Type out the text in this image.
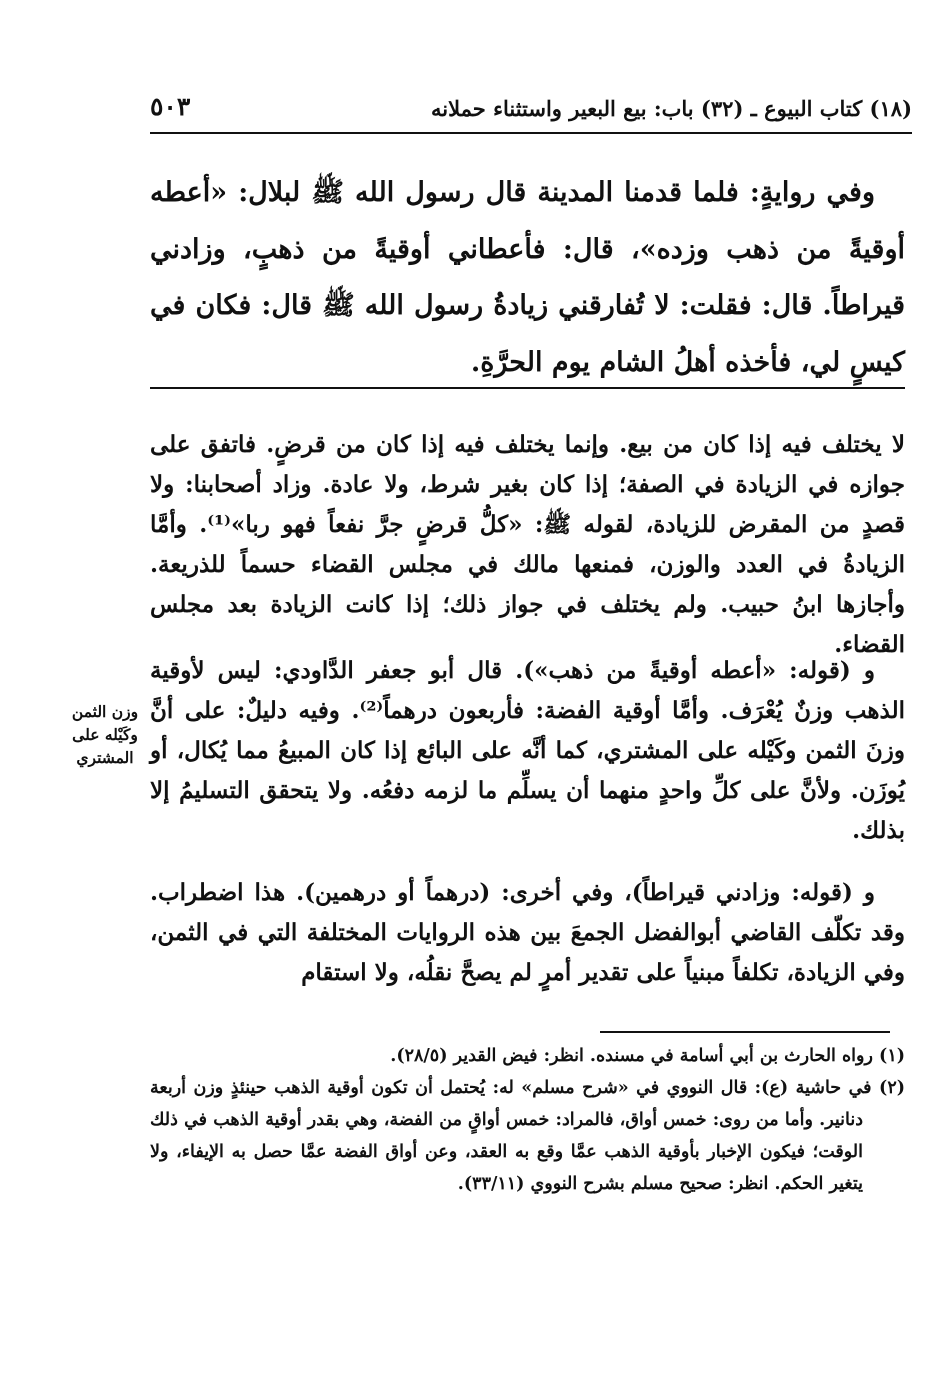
(١٨) كتاب البيوع ـ (٣٢) باب: بيع البعير واستثناء حملانه
٥٠٣

وفي روايةٍ: فلما قدمنا المدينة قال رسول الله ﷺ لبلال: «أعطه أوقيةً من ذهب وزده»، قال: فأعطاني أوقيةً من ذهبٍ، وزادني قيراطاً. قال: فقلت: لا تُفارقني زيادةُ رسول الله ﷺ قال: فكان في كيسٍ لي، فأخذه أهلُ الشام يوم الحرَّةِ.

لا يختلف فيه إذا كان من بيع. وإنما يختلف فيه إذا كان من قرضٍ. فاتفق على جوازه في الزيادة في الصفة؛ إذا كان بغير شرط، ولا عادة. وزاد أصحابنا: ولا قصدٍ من المقرض للزيادة، لقوله ﷺ: «كلُّ قرضٍ جرَّ نفعاً فهو ربا»⁽¹⁾. وأمَّا الزيادةُ في العدد والوزن، فمنعها مالك في مجلس القضاء حسماً للذريعة. وأجازها ابنُ حبيب. ولم يختلف في جواز ذلك؛ إذا كانت الزيادة بعد مجلس القضاء.

و (قوله: «أعطه أوقيةً من ذهب»). قال أبو جعفر الدَّاودي: ليس لأوقية الذهب وزنٌ يُعْرَف. وأمَّا أوقية الفضة: فأربعون درهماً⁽²⁾. وفيه دليلٌ: على أنَّ وزنَ الثمن وكَيْله على المشتري، كما أنَّه على البائع إذا كان المبيعُ مما يُكال، أو يُوزَن. ولأنَّ على كلِّ واحدٍ منهما أن يسلِّم ما لزمه دفعُه. ولا يتحقق التسليمُ إلا بذلك.

و (قوله: وزادني قيراطاً)، وفي أخرى: (درهماً أو درهمين). هذا اضطراب. وقد تكلّف القاضي أبوالفضل الجمعَ بين هذه الروايات المختلفة التي في الثمن، وفي الزيادة، تكلفاً مبنياً على تقدير أمرٍ لم يصحَّ نقلُه، ولا استقام

وزن الثمن وكَيْله على المشتري

(١) رواه الحارث بن أبي أسامة في مسنده. انظر: فيض القدير (٢٨/٥).

(٢) في حاشية (ع): قال النووي في «شرح مسلم» له: يُحتمل أن تكون أوقية الذهب حينئذٍ وزن أربعة دنانير. وأما من روى: خمس أواق، فالمراد: خمس أواقٍ من الفضة، وهي بقدر أوقية الذهب في ذلك الوقت؛ فيكون الإخبار بأوقية الذهب عمَّا وقع به العقد، وعن أواق الفضة عمَّا حصل به الإيفاء، ولا يتغير الحكم. انظر: صحيح مسلم بشرح النووي (٣٣/١١).
